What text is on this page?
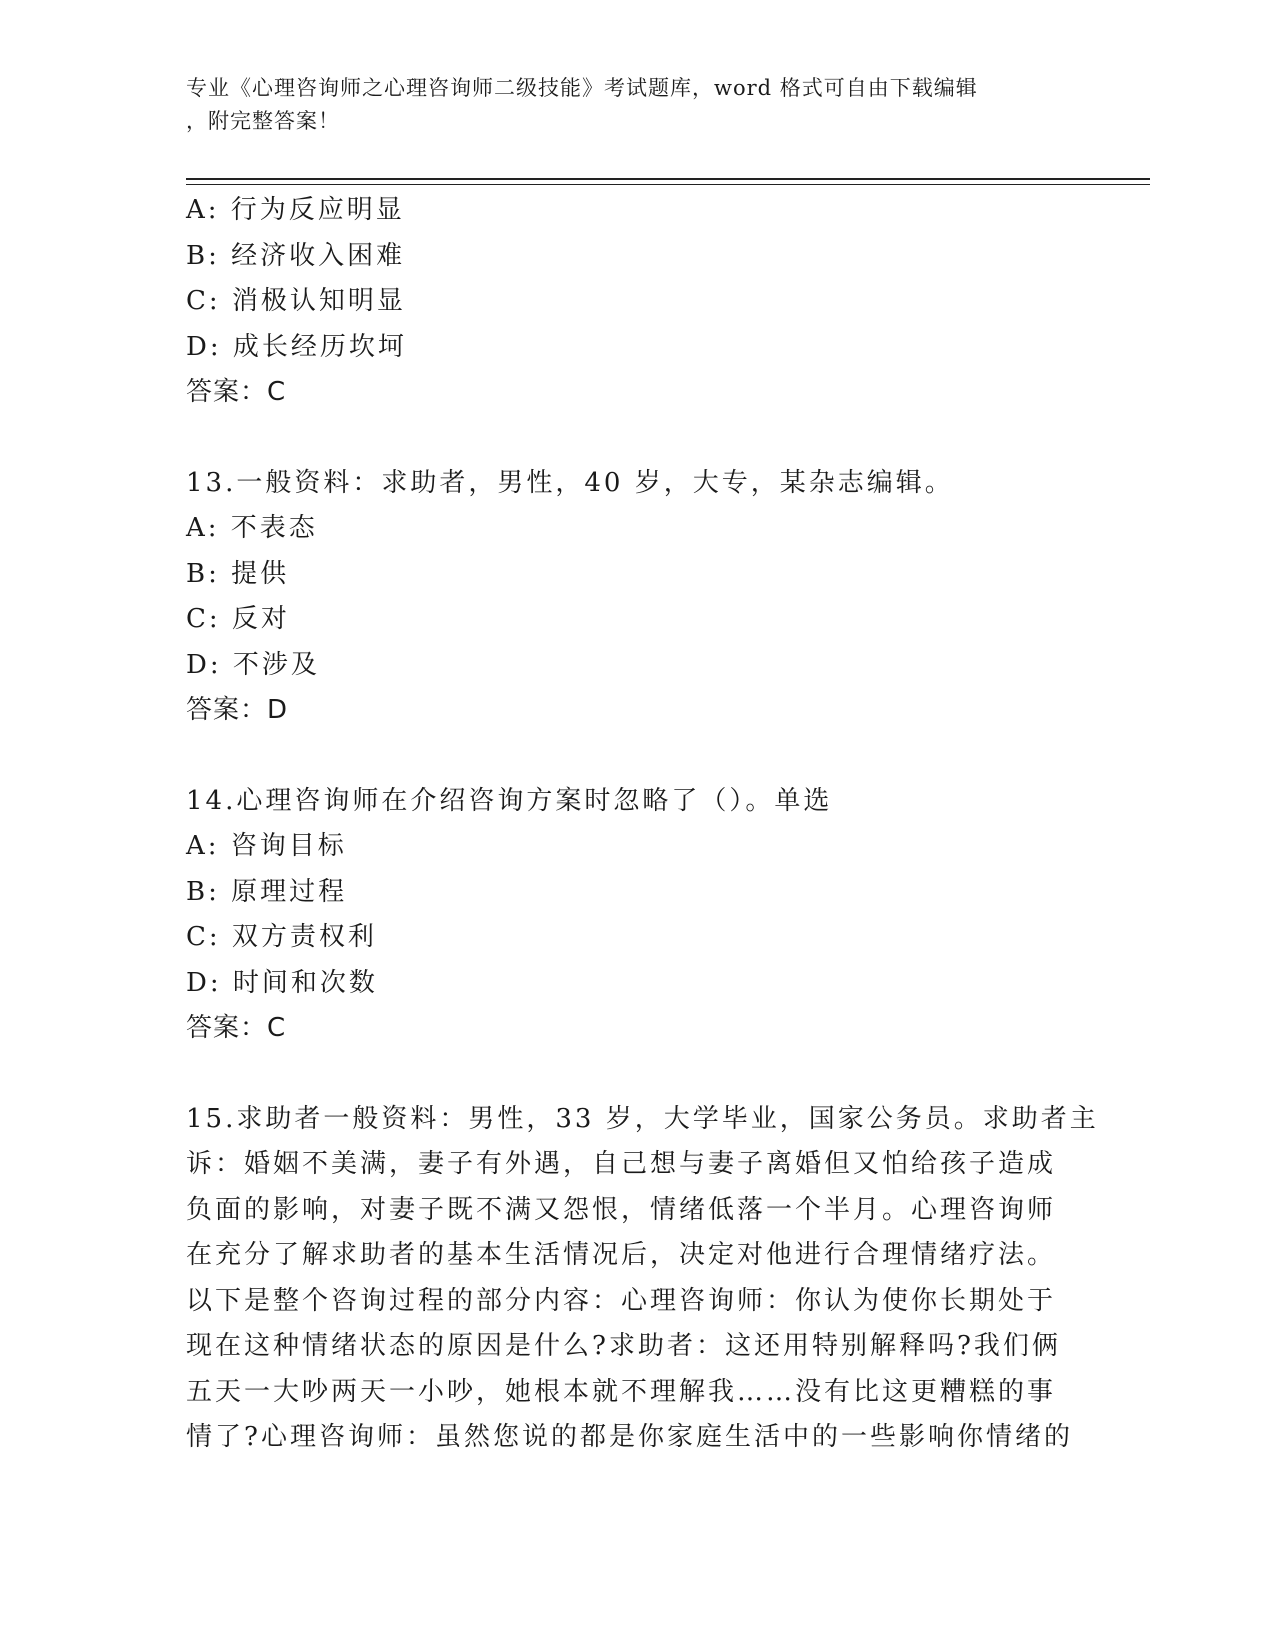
专业《心理咨询师之心理咨询师二级技能》考试题库，word 格式可自由下载编辑
，附完整答案！
A: 行为反应明显
B: 经济收入困难
C: 消极认知明显
D: 成长经历坎坷
答案：C
13.一般资料：求助者，男性，40 岁，大专，某杂志编辑。
A: 不表态
B: 提供
C: 反对
D: 不涉及
答案：D
14.心理咨询师在介绍咨询方案时忽略了（）。单选
A: 咨询目标
B: 原理过程
C: 双方责权利
D: 时间和次数
答案：C
15.求助者一般资料：男性，33 岁，大学毕业，国家公务员。求助者主
诉：婚姻不美满，妻子有外遇，自己想与妻子离婚但又怕给孩子造成
负面的影响，对妻子既不满又怨恨，情绪低落一个半月。心理咨询师
在充分了解求助者的基本生活情况后，决定对他进行合理情绪疗法。
以下是整个咨询过程的部分内容：心理咨询师：你认为使你长期处于
现在这种情绪状态的原因是什么?求助者：这还用特别解释吗?我们俩
五天一大吵两天一小吵，她根本就不理解我……没有比这更糟糕的事
情了?心理咨询师：虽然您说的都是你家庭生活中的一些影响你情绪的
